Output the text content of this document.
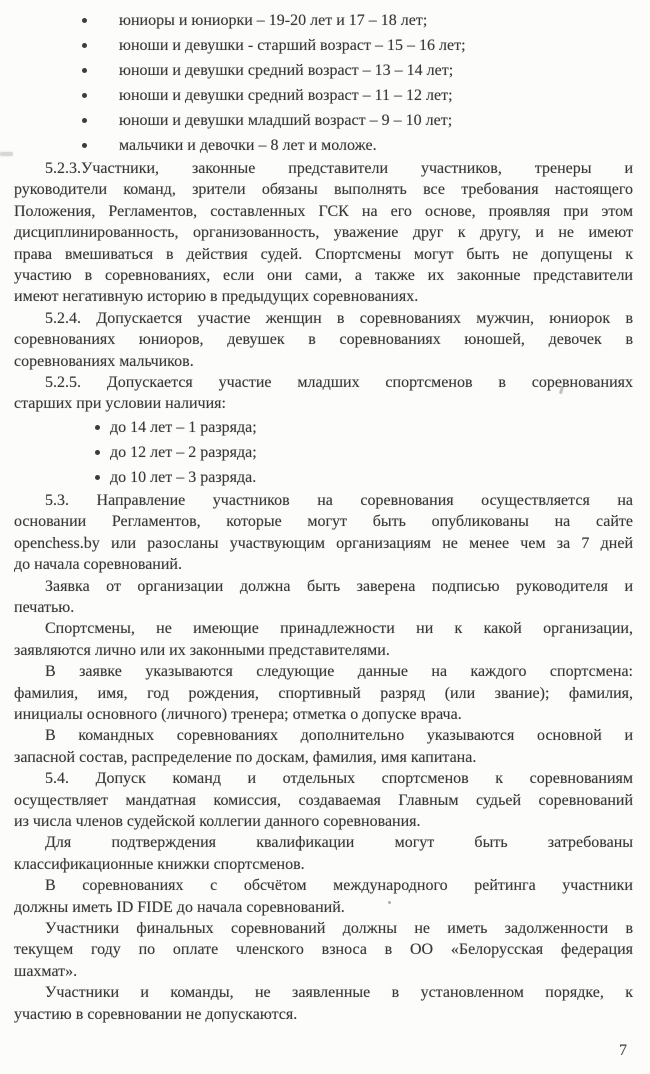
юниоры и юниорки – 19-20 лет и 17 – 18 лет;
юноши и девушки - старший возраст – 15 – 16 лет;
юноши и девушки средний возраст – 13 – 14 лет;
юноши и девушки средний возраст – 11 – 12 лет;
юноши и девушки младший возраст – 9 – 10 лет;
мальчики и девочки – 8 лет и моложе.
5.2.3.Участники, законные представители участников, тренеры и
руководители команд, зрители обязаны выполнять все требования настоящего
Положения, Регламентов, составленных ГСК на его основе, проявляя при этом
дисциплинированность, организованность, уважение друг к другу, и не имеют
права вмешиваться в действия судей. Спортсмены могут быть не допущены к
участию в соревнованиях, если они сами, а также их законные представители
имеют негативную историю в предыдущих соревнованиях.
5.2.4. Допускается участие женщин в соревнованиях мужчин, юниорок в
соревнованиях юниоров, девушек в соревнованиях юношей, девочек в
соревнованиях мальчиков.
5.2.5. Допускается участие младших спортсменов в соревнованиях
старших при условии наличия:
до 14 лет – 1 разряда;
до 12 лет – 2 разряда;
до 10 лет – 3 разряда.
5.3. Направление участников на соревнования осуществляется на
основании Регламентов, которые могут быть опубликованы на сайте
openchess.by или разосланы участвующим организациям не менее чем за 7 дней
до начала соревнований.
Заявка от организации должна быть заверена подписью руководителя и
печатью.
Спортсмены, не имеющие принадлежности ни к какой организации,
заявляются лично или их законными представителями.
В заявке указываются следующие данные на каждого спортсмена:
фамилия, имя, год рождения, спортивный разряд (или звание); фамилия,
инициалы основного (личного) тренера; отметка о допуске врача.
В командных соревнованиях дополнительно указываются основной и
запасной состав, распределение по доскам, фамилия, имя капитана.
5.4. Допуск команд и отдельных спортсменов к соревнованиям
осуществляет мандатная комиссия, создаваемая Главным судьей соревнований
из числа членов судейской коллегии данного соревнования.
Для подтверждения квалификации могут быть затребованы
классификационные книжки спортсменов.
В соревнованиях с обсчётом международного рейтинга участники
должны иметь ID FIDE до начала соревнований.
Участники финальных соревнований должны не иметь задолженности в
текущем году по оплате членского взноса в ОО «Белорусская федерация
шахмат».
Участники и команды, не заявленные в установленном порядке, к
участию в соревновании не допускаются.
7
